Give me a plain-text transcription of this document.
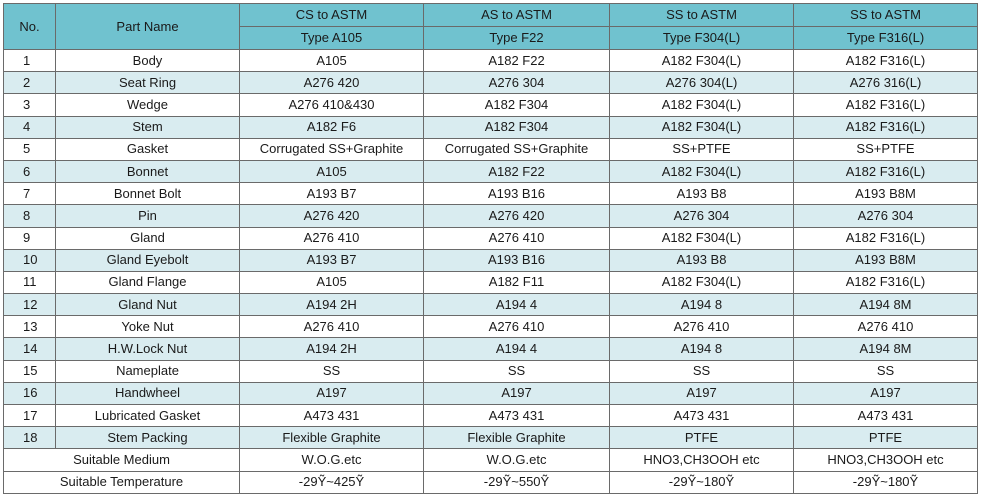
No.	Part Name	CS to ASTM	AS to ASTM	SS to ASTM	SS to ASTM
		Type A105	Type F22	Type F304(L)	Type F316(L)
1	Body	A105	A182 F22	A182 F304(L)	A182 F316(L)
2	Seat Ring	A276 420	A276 304	A276 304(L)	A276 316(L)
3	Wedge	A276 410&430	A182 F304	A182 F304(L)	A182 F316(L)
4	Stem	A182 F6	A182 F304	A182 F304(L)	A182 F316(L)
5	Gasket	Corrugated SS+Graphite	Corrugated SS+Graphite	SS+PTFE	SS+PTFE
6	Bonnet	A105	A182 F22	A182 F304(L)	A182 F316(L)
7	Bonnet Bolt	A193 B7	A193 B16	A193 B8	A193 B8M
8	Pin	A276 420	A276 420	A276 304	A276 304
9	Gland	A276 410	A276 410	A182 F304(L)	A182 F316(L)
10	Gland Eyebolt	A193 B7	A193 B16	A193 B8	A193 B8M
11	Gland Flange	A105	A182 F11	A182 F304(L)	A182 F316(L)
12	Gland Nut	A194 2H	A194 4	A194 8	A194 8M
13	Yoke Nut	A276 410	A276 410	A276 410	A276 410
14	H.W.Lock Nut	A194 2H	A194 4	A194 8	A194 8M
15	Nameplate	SS	SS	SS	SS
16	Handwheel	A197	A197	A197	A197
17	Lubricated Gasket	A473 431	A473 431	A473 431	A473 431
18	Stem Packing	Flexible Graphite	Flexible Graphite	PTFE	PTFE
Suitable Medium		W.O.G.etc	W.O.G.etc	HNO3,CH3OOH etc	HNO3,CH3OOH etc
Suitable Temperature		-29Ỹ~425Ỹ	-29Ỹ~550Ỹ	-29Ỹ~180Ỹ	-29Ỹ~180Ỹ
